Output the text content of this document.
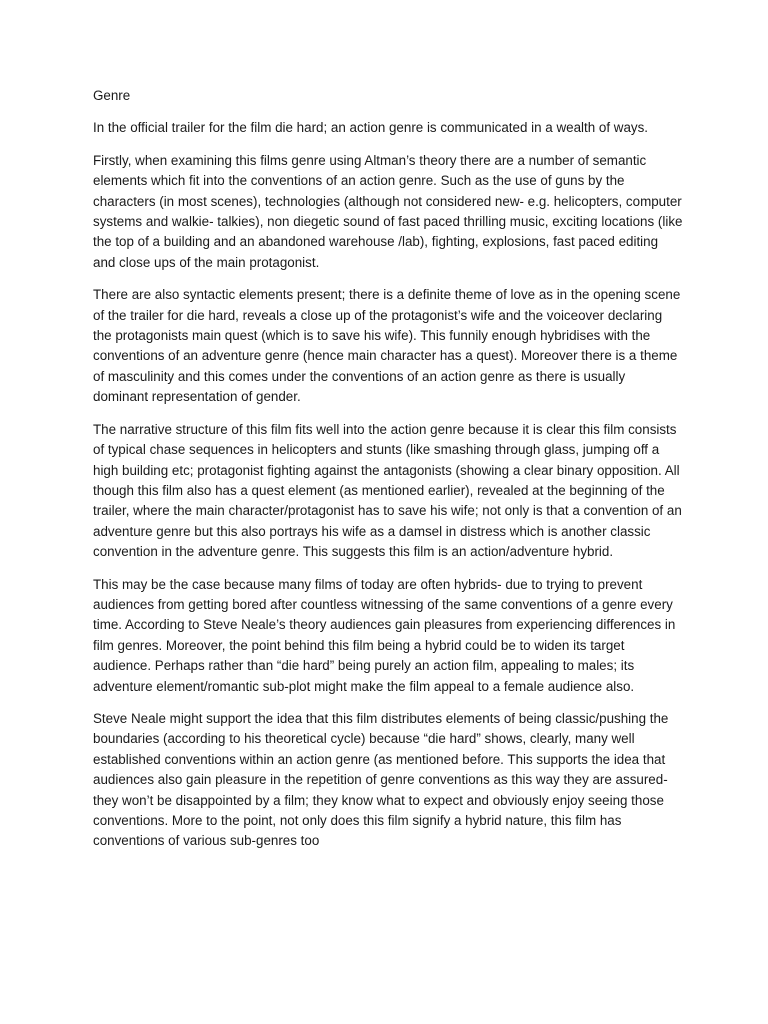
Genre

In the official trailer for the film die hard; an action genre is communicated in a wealth of ways.

Firstly, when examining this films genre using Altman’s theory there are a number of semantic elements which fit into the conventions of an action genre. Such as the use of guns by the characters (in most scenes), technologies (although not considered new- e.g. helicopters, computer systems and walkie- talkies), non diegetic sound of fast paced thrilling music, exciting locations (like the top of a building and an abandoned warehouse /lab), fighting, explosions, fast paced editing and close ups of the main protagonist.

There are also syntactic elements present; there is a definite theme of love as in the opening scene of the trailer for die hard, reveals a close up of the protagonist’s wife and the voiceover declaring the protagonists main quest (which is to save his wife). This funnily enough hybridises with the conventions of an adventure genre (hence main character has a quest). Moreover there is a theme of masculinity and this comes under the conventions of an action genre as there is usually dominant representation of gender.

The narrative structure of this film fits well into the action genre because it is clear this film consists of typical chase sequences in helicopters and stunts (like smashing through glass, jumping off a high building etc; protagonist fighting against the antagonists (showing a clear binary opposition. All though this film also has a quest element (as mentioned earlier), revealed at the beginning of the trailer, where the main character/protagonist has to save his wife; not only is that a convention of an adventure genre but this also portrays his wife as a damsel in distress which is another classic convention in the adventure genre. This suggests this film is an action/adventure hybrid.

This may be the case because many films of today are often hybrids- due to trying to prevent audiences from getting bored after countless witnessing of the same conventions of a genre every time. According to Steve Neale’s theory audiences gain pleasures from experiencing differences in film genres. Moreover, the point behind this film being a hybrid could be to widen its target audience. Perhaps rather than “die hard” being purely an action film, appealing to males; its adventure element/romantic sub-plot might make the film appeal to a female audience also.

Steve Neale might support the idea that this film distributes elements of being classic/pushing the boundaries (according to his theoretical cycle) because “die hard” shows, clearly, many well established conventions within an action genre (as mentioned before. This supports the idea that audiences also gain pleasure in the repetition of genre conventions as this way they are assured- they won’t be disappointed by a film; they know what to expect and obviously enjoy seeing those conventions. More to the point, not only does this film signify a hybrid nature, this film has conventions of various sub-genres too
